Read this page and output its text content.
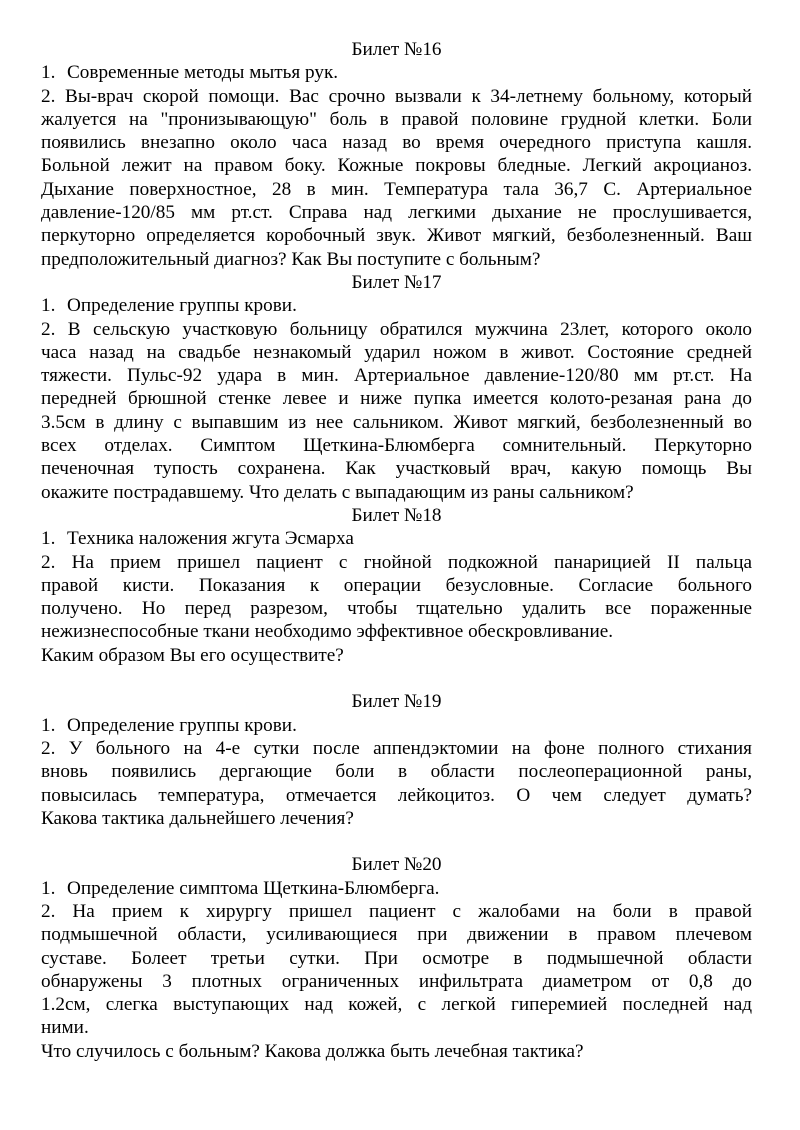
Билет №16

1. Современные методы мытья рук.

2. Вы-врач скорой помощи. Вас срочно вызвали к 34-летнему больному, который

жалуется на "пронизывающую" боль в правой половине грудной клетки. Боли

появились внезапно около часа назад во время очередного приступа кашля.

Больной лежит на правом боку. Кожные покровы бледные. Легкий акроцианоз.

Дыхание поверхностное, 28 в мин. Температура тала 36,7 С. Артериальное

давление-120/85 мм рт.ст. Справа над легкими дыхание не прослушивается,

перкуторно определяется коробочный звук. Живот мягкий, безболезненный. Ваш

предположительный диагноз? Как Вы поступите с больным?

Билет №17

1. Определение группы крови.

2. В сельскую участковую больницу обратился мужчина 23лет, которого около

часа назад на свадьбе незнакомый ударил ножом в живот. Состояние средней

тяжести. Пульс-92 удара в мин. Артериальное давление-120/80 мм рт.ст. На

передней брюшной стенке левее и ниже пупка имеется колото-резаная рана до

3.5см в длину с выпавшим из нее сальником. Живот мягкий, безболезненный во

всех отделах. Симптом Щеткина-Блюмберга сомнительный. Перкуторно

печеночная тупость сохранена. Как участковый врач, какую помощь Вы

окажите пострадавшему. Что делать с выпадающим из раны сальником?

Билет №18

1. Техника наложения жгута Эсмарха

2. На прием пришел пациент с гнойной подкожной панарицией II пальца

правой кисти. Показания к операции безусловные. Согласие больного

получено. Но перед разрезом, чтобы тщательно удалить все пораженные

нежизнеспособные ткани необходимо эффективное обескровливание.

Каким образом Вы его осуществите?

Билет №19

1. Определение группы крови.

2. У больного на 4-е сутки после аппендэктомии на фоне полного стихания

вновь появились дергающие боли в области послеоперационной раны,

повысилась температура, отмечается лейкоцитоз. О чем следует думать?

Какова тактика дальнейшего лечения?

Билет №20

1. Определение симптома Щеткина-Блюмберга.

2. На прием к хирургу пришел пациент с жалобами на боли в правой

подмышечной области, усиливающиеся при движении в правом плечевом

суставе. Болеет третьи сутки. При осмотре в подмышечной области

обнаружены 3 плотных ограниченных инфильтрата диаметром от 0,8 до

1.2см, слегка выступающих над кожей, с легкой гиперемией последней над

ними.

Что случилось с больным? Какова должка быть лечебная тактика?
